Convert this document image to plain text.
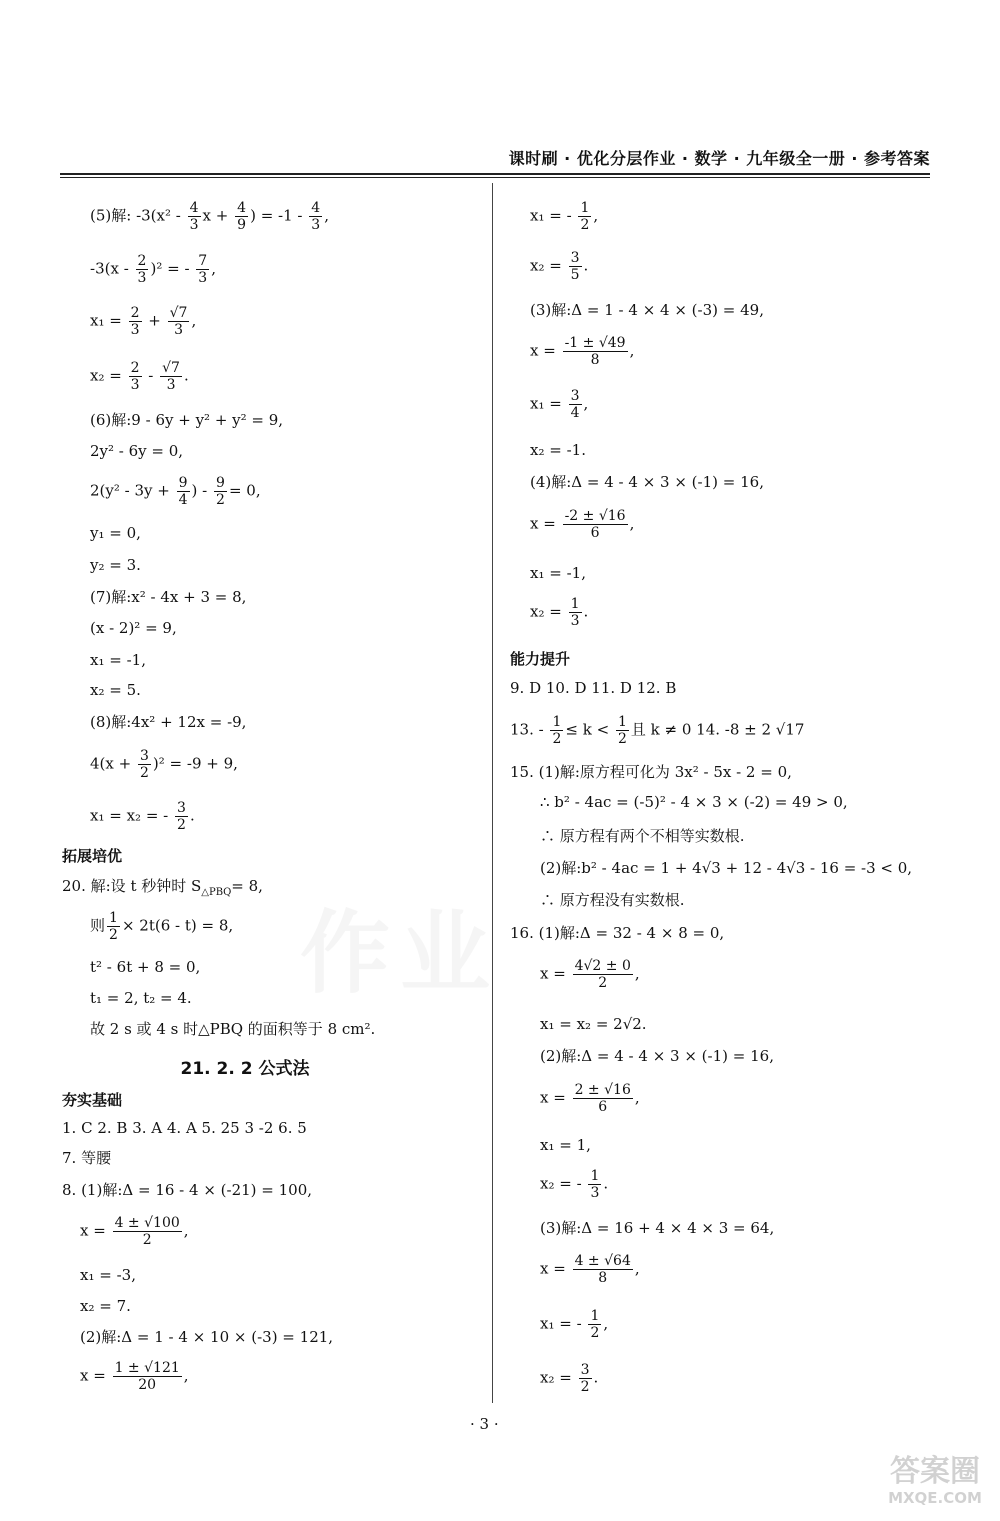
课时刷 · 优化分层作业 · 数学 · 九年级全一册 · 参考答案
(5)解: $-3(x^2 - \frac{4}{3}$ $x + \frac{4}{9}$ ) = $-1 - \frac{4}{3}$ ,
$-3(x - \frac{2}{3} )^2$ = - $\frac{7}{3}$ ,
$x_1 = \frac{2}{3} + \frac{√7}{3}$ ,
$x_2 = \frac{2}{3} - \frac{√7}{3}$ .
(6)解:9 - 6y + y² + y² = 9,
2y² - 6y = 0,
$2(y^2 - 3y + \frac{9}{4}$ ) - $\frac{9}{2} = 0$,
y₁ = 0,
y₂ = 3.
(7)解:x² - 4x + 3 = 8,
(x - 2)² = 9,
x₁ = -1,
x₂ = 5.
(8)解:4x² + 12x = -9,
$4(x + \frac{3}{2} )^2 = -9 + 9$,
x₁ = x₂ = - $\frac{3}{2}$ .
拓展培优
20. 解:设 t 秒钟时 $S_{\triangle PBQ}= 8$,
则 $\frac{1}{2} \times 2t(6 - t) = 8$,
t² - 6t + 8 = 0,
t₁ = 2, t₂ = 4.
故 2 s 或 4 s 时△PBQ 的面积等于 8 cm².
21. 2. 2 公式法
夯实基础
1. C 2. B 3. A 4. A 5. 25 3 -2 6. 5
7. 等腰
8. (1)解:Δ = 16 - 4 × (-21) = 100,
$x = \frac{4 \pm √100}{2}$ ,
x₁ = -3,
x₂ = 7.
(2)解:Δ = 1 - 4 × 10 × (-3) = 121,
$x = \frac{1 \pm √121}{20}$ ,
x₁ = - $\frac{1}{2}$ ,
$x_2 = \frac{3}{5}$ .
(3)解:Δ = 1 - 4 × 4 × (-3) = 49,
$x = \frac{-1 \pm √49}{8}$ ,
$x_1 = \frac{3}{4}$ ,
x₂ = -1.
(4)解:Δ = 4 - 4 × 3 × (-1) = 16,
$x = \frac{-2 \pm √16}{6}$ ,
x₁ = -1,
$x_2 = \frac{1}{3}$ .
能力提升
9. D 10. D 11. D 12. B
13. - $\frac{1}{2} \le k < \frac{1}{2}$ 且 k ≠ 0 14. -8 ± 2 √17
15. (1)解:原方程可化为 3x² - 5x - 2 = 0,
∴ b² - 4ac = (-5)² - 4 × 3 × (-2) = 49 > 0,
∴ 原方程有两个不相等实数根.
(2)解:b² - 4ac = 1 + 4√3 + 12 - 4√3 - 16 = -3 < 0,
∴ 原方程没有实数根.
16. (1)解:Δ = 32 - 4 × 8 = 0,
$x = \frac{4√2 \pm 0}{2}$ ,
x₁ = x₂ = 2√2.
(2)解:Δ = 4 - 4 × 3 × (-1) = 16,
$x = \frac{2 \pm √16}{6}$ ,
x₁ = 1,
x₂ = - $\frac{1}{3}$ .
(3)解:Δ = 16 + 4 × 4 × 3 = 64,
$x = \frac{4 \pm √64}{8}$ ,
x₁ = - $\frac{1}{2}$ ,
$x_2 = \frac{3}{2}$ .
· 3 ·
答案圈
MXQE.COM
